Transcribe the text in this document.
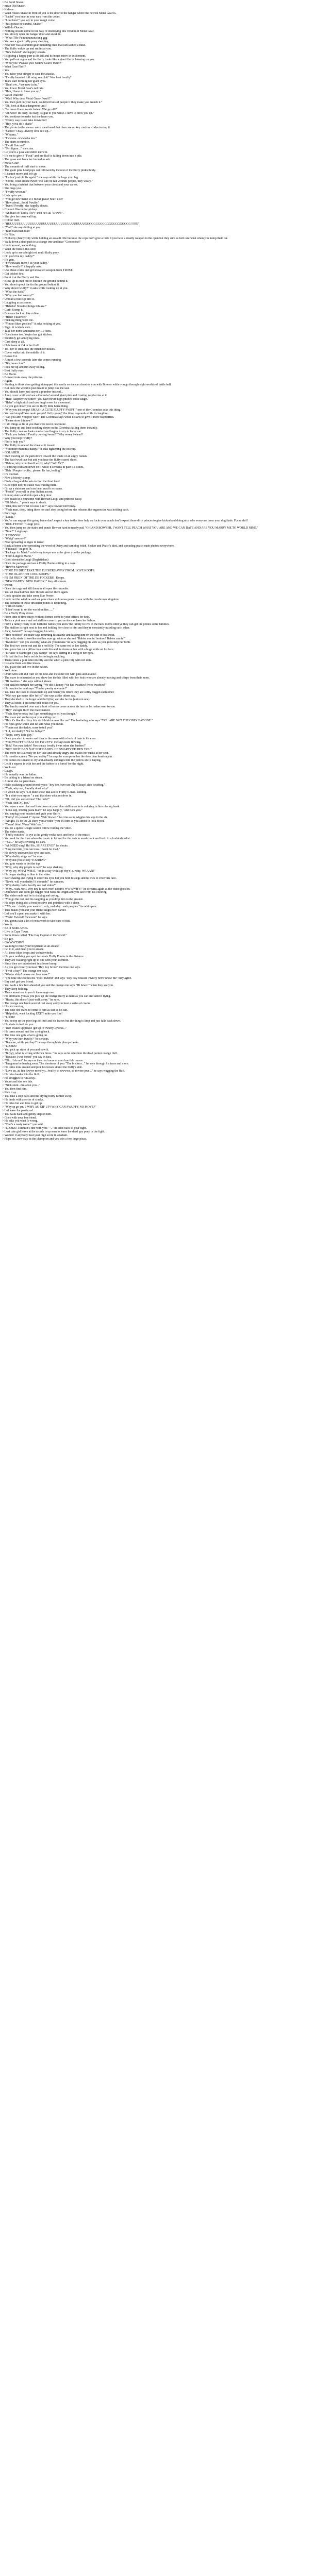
> Be Solid Snake.
> mean Old Snake.
> Kafoon.
> What rouses Snake in front of you is the door to the hangar where the newest Metal Gear is.
> "Sadist" you hear in your ears from the codec.
> "Loot here!" you say in your rough voice.
> "Just please be careful, Snake."
> Will do Otacon.
> Nothing should come in the way of destroying this version of Metal Gear.
> You slowly open the hangar door and sneak in.
> "What THe Fuuuuuuuuuuckng ggg
> You see a giant fluffy pony sleeping.
> Near her was a random gear including ones that can launch a nuke.
> The fluffy wakes up and smiles at you.
> "New fwiend" she happily shouts.
> Its giving a happy purr as its tail and its bones move in excitement.
> You pull out a gun and the fluffy looks like a giant filer is blowing on you.
> "Who you? Pwease yuw Metaw Gearw fwuff?"
> What Gear Fluff?
> Yes.
> You raise your stinger to case the attacks.
> "Fwuffy haunted fuff wing searchitt" Was heat fwuffy?
> Tears start forming her giant eyes.
> "Dun't ow...*sey new tu hu."
> You lower Metal Gear's tail rate.
> "Huh, I have to blow you up."
> Was it Otacon?
> "Wah! Why dese Metal Geaw Fwuff?"
> You then pull on your back, could kill lots of people if they make you launch it."
> "Oh, look at that a dangerous unit!
> "So mean Gwen wants fwiend Wat ge off?"
> "Oh wow! Its okay, its okay, its glat to you while. I have to blow you up."
> You continue to make hut she hears you.
> "Clumy way is out take down fluff
> "Huy, yiwa do a shake"
> The pivots to the sneeze voice mentioned that there are no key cards or codes to stop it.
> "Sadfoo" Okay...fwuffy love self up..."
> "Whaaaa.."
> "Fwwww...wwwwba mo."
> The starts to rumble.
> "Fwuff Gotcen?"
> "Teh figure..." she cries.
> Le you're a pose and didn't know it.
> It's me to give it "Fwut" and her fluff is falling down into a pile.
> The grass and launcher burned to ash.
> Metal Gear!
> The mounds of fluff start to move.
> The giant pink head pops out followed by the rest of the fluffy pinkie body.
> It cannot move and let's go
> "Its dun' just old lis again!" she says while the huge your leg.
> "Sootie, what arouse fwuff? No sure be tall wounds people, they weary."
> You bring a hatchet that between your chest and your caress.
> She hugs you.
> "Fwuffy wrooun!"
> Lots up to you.
> "You gif new name so I metal gwear fwuff else?
> "How about...Solid Fwuffy."
> "Jweet! Fwuffy! she happily shouts.
> Contact Otacon for pickup.
> "Ah that's it? Did STOP!" then he's all "D'aww".
> She give her own wall tap.
> Colour fluff.
> "HUUUUUUUUUUUUUUUUUUUUUUUUUUUUUUUUUUUGGGGGGGGGGGGGGGGGGGGG!!!!!!?"
> "Yes?" she says hiding at you.
> "Blah blah blah blah"
> Be Nibs.
> Nibbleny (Jenny City while holding an assault rifle because the cops don't give a fuck if you have a deadly weapon in the open but they sure as hell care what when you hump their car.
> Walk down a deer path to a strange tree and hear "Coooooosh"
> Look around, see nothing.
> What the fuck is this shit?
> Look up to see a bright red multi fluffy pony.
> Oh you'd be my daddy?"
> It's grin.
> "Fwwawaah, mem ! lis your daddy."
> "How weally?" it happily asks.
> Use cheat codes and get shoveled weapon from TROST.
> Get cricket first.
> Point it at the Fluffy and fire.
> Blow up its butt out of out thin the ground behind it.
> You shoot up out the tin the ground behind it.
> Why shoot fwuffy?" it asks while looking up at you.
> "What the fuck?"
> "Why you feel weeny?"
> Unload a full clip into it.
> Laughing as a sisomo.
> "Hehehe! Shoulde things hihiaaa!"
> Curb: Stomp it.
> Bounces back up like rubber.
> "Hehe! Tilklowe!"
> Fucking thing wont die.
> "You no likes goosies?" it asks looking at you.
> Sigh...it is kinda cute...
> Take her home and name her 1.0 Nibs.
> Goes home too. Yoqim has got kitchen.
> Suddenly get annoying lines.
> Cant sleep at all.
> Hide issue of C4 in her fluff.
> Toil her to stick into the bench for tickles.
> Cover walks into the middle of it.
> Blows C4.
> Almost a few seconds later she comes running.
> "Big boom fun!"
> Pick her up and run away lolling.
> Best fluffy ever.
> Be Mario.
> Bowser took away the princess.
> Again.
> Starting to think does getting kidnapped this easily so she can cheat on you with Bowser while you go through eight worlds of battle hell.
> But once the world is just meant to jump like the last.
> You should have just stayed a plumber instead...
> Jump cover a hill and see a Goomba! around giant pink and frosting raspberries at it.
> "Hah! Raspberries/Bitter!" you have never high pitched voice laugh.
> "Haha" a high pitch and you laugh even for a moment.
> As you got closer you see its fluffy little horse thing.
> "Why you hit poopy! SMASH A CUTE FLUFFY FWIFF!" one of the Goombas asks this thing.
> You and stupid! You oooh poopie! fluffy going" the thing responds while its laughing.
> "Tap you ant! You poo wee!" The Goombas says while it starts to give it more raspberries.
> "Please stow thinnew!"
> It do things at lie at you that were never cute more.
> You jump up and land crashing down on the Goombas killing them instantly.
> The fluffy creature looks startled and begins to cry to leave me.
> "Fank you fwiend! Fwuffy cwying fwend?" Why wowy fwiend?
> Why you help fwuffy?
> Fluffy help you?
> The fluffy its one of the cheat at it fossed.
> "You more man mis daddy?" it asks tightening the hole up.
> GOLAHER.
> Start moving on the path down toward the waste of an angry Italian.
> The hair fwud face but and you hear the fluffy scared shoot.
> "Daboo, why wont fwuff wofty, why!? WHAY?"
> It ends up cold and down on it while it screams in pain till it dies.
> "Dah ! Poopie fwuffy...please. Its fun, feeling."
> It's too bad.
> Now a bloody stump.
> Finds a bag and the sets to find the final level.
> Kick open door to castle was waiting there.
> Go up a staircase and you hear peach's screams.
> "Peach!" you yell in your Italian accent.
> Run up stairs and kick open a big door.
> See peach in a foursome with Bowser,Luigi, and princess daisy.
> "Oh Mario..." peach says in shock.
> "Uhh, this isn't what it looks like?" says bowser nervously.
> "Yeah man, chop, bring them no can't stop doing before she releases the orgasm she was holding back.
> Pure rage.
> "Lucas."
> You're run engage this going home don't expect a key to the door help on fucks you punch don't expect those dirty princes to give kicked and doing nice who everyone inner your dog finds. Fucka shit?
> "DOG FETISH!" Luigi yells.
> You then jump up the stairs and punch Bowser hard to nearly pull "OH AND BOWSER, I WANT TELL PEACH WHAT YOU ARE AND WE CAN DATE AND ARE YOU MARRY ME TO WORLD NINE."
> "Now?" Luigi says.
> "Fwowwwi?"
> "Wuigi' sawyay?"
> Near spreading as rigos in terror.
> Back at home after spreading the word of Daisy and turn dog fetish, Seeker and Peach's died, and spreading peach nude photos everywhere.
> "Fuwuaa!!" in goes in.
> "Package for Mario" a delivery troops was as he gives you the package.
> "From Luigi to Mario."
> Good riveted to Luigi (Dogfetishus)
> Open the package and see 4 Fluffy Ponies sitting in a cage.
> "Hewwo Mawwio!"
> "TIME TO DIE!" TAKE THE FUCKERS AWAY FROM. LOVE KOOPS.
> "TIME OLAHHHH COOL KOOPS."
> PS I'M FRIEN' OF THE DE FOCKERS!. Koops.
> "NEW DADDY! NEW DADDY!" they all scream.
> Swear.
> Open the cage and kill them in all open their mouths.
> You all Reach down their throats and let them again.
> Look upstairs and take some Star Power.
> Look out the window and see pure chaos as koonas gears to war with the mushroom kingdom.
> The screams of those drillisted ponies is deafening.
> "Turn on radio."
> "I don't want to set the world on fire......"
> Be a Fluffy Pony drone.
> From time to time strays without homes come to your offices for help.
> Today a pink mare and red stallion come to you as she can have her babies.
> Have a family ready to do birth the babies you allow the family to live in the back rooms until ye they can get the ponies some families.
> The stallion is right next to her and holding her close to him and they're constantly nuzzling each other.
> Aww, fwiend?" he says hugging his wife.
> "Hoo hoohoo!" the mare says returning his nuzzle and kissing him on the side of his snout.
> Her belly starts to swollen and her eyes go wide as she and "Babies comin' hoohoo! Babies comin'"
> "Bwabies!!" (oh yes sweetly) what are you means? he says hugging his wife as you go to help her birth.
> The first two come out and its a red filly. The same red as her daddy.
> You place her on a pillow in a week bin and its donne at her with a huge smile on his face.
> "It Haste 'if siahfo get I yay daddy!" he says staring in a song of her eyes.
> He had the first baby on his her to begin suckling.
> Then comes a pink unicorn filly and the when a pink filly with red dots.
> Its same them and like kisses.
> You place the last two in the basket.
> Well done.
> Drain with soft and fluff on his nest and the other red with pink and attacce.
> The mare is exhausted as you show her the his filled with her foals who are already nursing and chirps from their mom.
> "Hi bwabies.." she says without kisses.
> Her stallion nuzzled her saying "We did it honey! We has bwabies! Fwee bwabies!"
> He nuzzles her and says "You be pwetty mwomie!"
> You take the foals to clean them up and when you return they are softly huggin each other.
> "Wah say gar name dilw fuffy?" she says as the others say.
> They decided to the forget and fluff (the) and she be the (unicorn one).
> They all dodo, I put some bed boxes for you.
> The family nuzzled over and a host of horses come across his face as he rushes over to you.
> "Hey" snoogle fluff! the mare named.
> "Yeah, they're okay but I got something to tell you though."
> The mare and smiles up at you adding coz.
> "Hey it's like this. Any this do I think he was like me" The hesitating who says "YOU ARE NOT THE ONLY EAT ONE."
> He ripes grow smile and he said what you mean.
> "You're not the daddy, sorry to tell you"
> "I...I, not daddy? Nor ho bubys?"
> "Nope, sorry little guy."
> Once you start to water and tuna to the mare with a look of hate in his eyes.
> "You FWUFFY CHEAT ON FWUFFY! He says tears flowing.
> "Bok! Nos yuu daddy! Nos sheaty fwuffy i was mhre dan banbes!"
> "NOT DICIT BAN NAT NOT DADDY. HE SMARTY'ED DEN YOU"
> The more he is already on her face and already angry and makes her sucks at her seat.
> He mouths scream "No you nobby!" he says he scamps on her the door than heads again.
> He comes in is made to cry and actually unhinges him the yellow she is haying.
> Let it a squeez is with her and the babies to a forest' for the night.
> Walk out.
> Laugh.
> He actually was the father.
> Be talking to a friend on steam.
> Almost she cat paceolaes.
> Hello waltzing around friend types: "hey bro, ever use ZipIt/Xnap? ahfe fwuffing."
> "Yeah, why not, I totally don't why?
> In which he says "Lol dude show that alot is Fluffy! Lmao. kidding.
> "Is a shirt-you mysto " a and that does what resolves in.
> "Oh, did you are serious? The fuck?"
> "Yeah, shut XC fox."
> You open a new chat and look down at your blue stallion as he is coloring in his coloring book.
> "Look sup, thu tug pasta mah!" he says happily, "and fuck you."
> You unplug your headset and grab your fluffy.
> "Fluffy! it's yawn'd 1" Ayeee! Wah' blwwd." he cries as he wiggles his legs in the air.
> "Alright, I'll be the Xi show you a video" you tell him as you aimed to look blood.
> "Yaaaa! bitm! Waaa! Wah' see."
> You do a quick Google search follow finding the video.
> The video starts.
> "Fluffy watches" to eye as he gently rocks back and forth to the music.
> You wait for the time when the music to hit and for the rash to evade back and forth to a funbindsurdist.
> ""Ga..." he says covering his ears.
> "Ah NEED sing! Ha! Ho, SHARE EVE!" he shouts.
> "Sing me hide, you can look. I wont be mad."
> He slowly uncovers his eyes and ears.
> "Why daddy sings me" he asks.
> "Why did you let dey YOUDEY?"
> You grin wants to dot the top.
> "Why, why dey people is cap?" he says shaking.
> "Why, try, WHAT WHAT." oh in a sky with stip' rhy'x' a...why, WAAAN!"
> He began starting to blue in the video.
> Saw shaking and trying to cover his eyes but you hold his legs and he tries to cover his face.
> "Nawb. will you daddy! fi ebourab!" he screams.
> "Why daddy make fwuffy see bad video?"
> "Why....wah..well, why dey is each over, doodn't WWWWHY!" he screams again as the video goes on.
> Dont know and soon get baggie hold back his length and you face from his coloring.
> The video ends and he is shaking and crying.
> "You go the rest and his laughing as you drop him to the ground.
> He stops dying also a bout positive and pointless with a sleep.
> ""We see....daddy yaw wanted...wdy, mah dey...wah peoples." he whimpers.
> This makes you and your friend laugh even harder.
> Lol you'll a peel you make it with her.
> "Yeah! Fwiend! Ewwwon" he says.
> You gonna take a lot of extra work to take care of this.
> Worth.
> Be in South Africa.
> Live in Cape Town.
> Some times called "The Gay Capital of the World."
> Be gay.
> GWWWTSIW!
> Walking to meet your boyfriend at an arcade.
> Go to it, and meet you in arcade.
> All those blips beeps and wobwowbelts.
> He your walking you spot two male Fluffy Ponies in the distance.
> They are walking right up to one with your attention.
> Since they are intertwined in a loose hump.
> As you get closer you hear "Hey boy broun" the blue one says.
> "Fwuf u bay!" The orange one says.
> "Waster ebby! moose our love nose!"
> "The blue one excites his "Hoo! fwiend" and says "Dey boy beacau! Fwuffy nevw know me" they agree.
> Bay ain't get you friend.
> You walk a few feet ahead of you and the orange one says "Hi hewo!" when they see you.
> They keep holding.
> They cannot see in you it the orange one.
> He embraces you as you pick up the orange fluffy as hard as you can and send it flying.
> "Haaha, this doesn't just walk away." he says.
> The orange one lands several feet away and you hear a series of cracks.
> His not moving.
> The blue one starts to come to him as fast as he can.
> "Help dick, want fucking EXIT! mike you fine!
> "LOOK!
> You scoop up the poor legs of fluff and his leaves but the thing is limp and just falls back down.
> He starts to feel for you.
> "Dal! Wakes up please ;gif up fo' fwuffy...pwese..."
> He turns around and lies crying back.
> The blue one gets what is going on.
> "Why yuw hurt fwuffy? "he sercups.
> "Because, while you bay!" he says through his plump cheeks.
> "LOOKS!
> You pick up sides of you and vow it.
> "Buyyy, what is wrong with fwu brow.." he says as he cries into the dead pecker orange fluff.
> "Because I was bored" you say in fact.
> "Oh... I do not" he says as the cried more at your horrible reason.
> "I'm gonna be leaving soon. The shortness of you "The brickers..." he says through his tears and more.
> He turns look around and pick his looses stomil the fluffy's side.
> "Love uu, au fuu fuwyw mene yo...fwuffy so wwwwe, so mwore pwe..." he says wagging the fluff.
> He cries harder into the fluff.
> He struggles to run away.
> Youre and kiss see this.
> "Nick stunt...I'm anon you..."
> You then find him.
> Pick it up.
> You take a step back and the crying fluffy further away.
> He lands with a series of cracks.
> He cries but and tries to get up.
> "Why sp go yuu ? WHY AO GIF UP? WHY CAN FWUFFY NO MOVE?"
> Lol leave the paralyzed.
> You walk back and gently step on him.
> Goes with your boyfriend.
> He asks you what is wrong.
> "That's a nasty name." you said.
> "LOOKS! I think it's fine with you." ".." he adds back to your fight.
> Lost cute girl leave at the arcade is up seen to leave the dead gay pony in the fight.
> Wonder if anybody beat your high score in abadash.
> Hope not, now stay as the champion and you win a free large pizza.
